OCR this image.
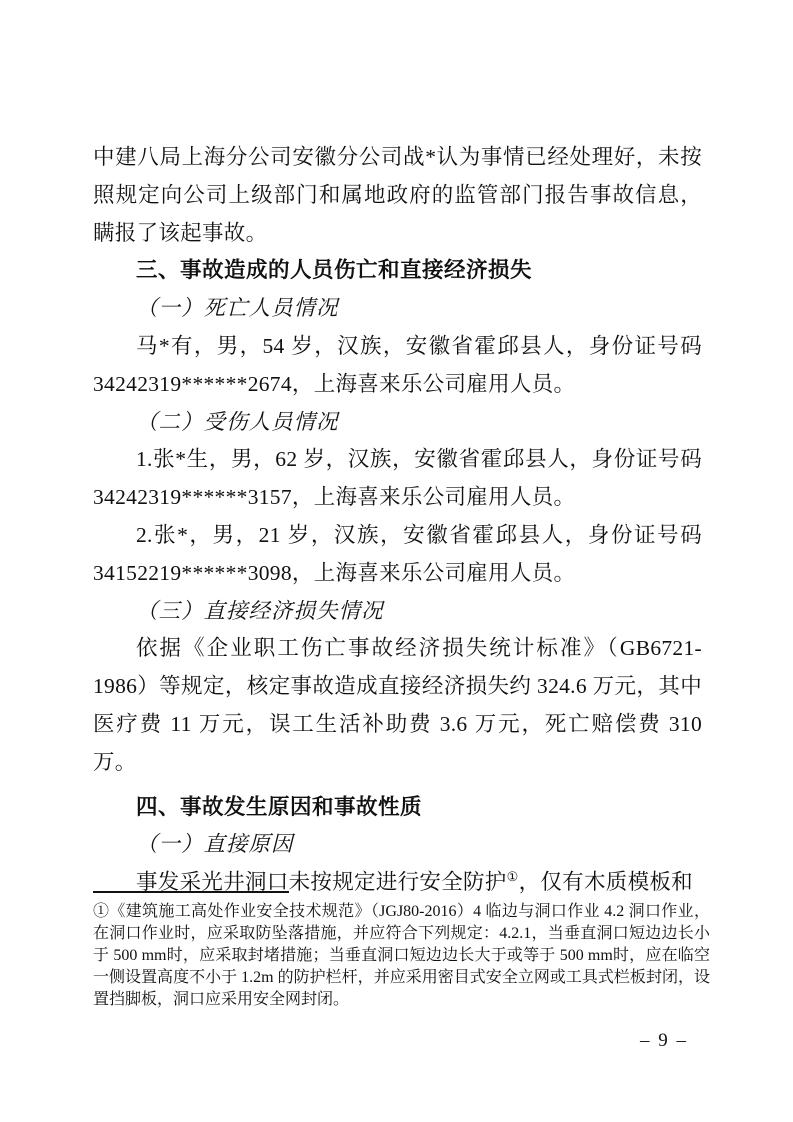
中建八局上海分公司安徽分公司战*认为事情已经处理好，未按照规定向公司上级部门和属地政府的监管部门报告事故信息，瞒报了该起事故。

三、事故造成的人员伤亡和直接经济损失

（一）死亡人员情况

马*有，男，54 岁，汉族，安徽省霍邱县人，身份证号码 34242319******2674，上海喜来乐公司雇用人员。

（二）受伤人员情况

1.张*生，男，62 岁，汉族，安徽省霍邱县人，身份证号码 34242319******3157，上海喜来乐公司雇用人员。

2.张*，男，21 岁，汉族，安徽省霍邱县人，身份证号码 34152219******3098，上海喜来乐公司雇用人员。

（三）直接经济损失情况

依据《企业职工伤亡事故经济损失统计标准》（GB6721-1986）等规定，核定事故造成直接经济损失约 324.6 万元，其中医疗费 11 万元，误工生活补助费 3.6 万元，死亡赔偿费 310 万。

四、事故发生原因和事故性质

（一）直接原因

事发采光井洞口未按规定进行安全防护①，仅有木质模板和

①《建筑施工高处作业安全技术规范》（JGJ80-2016）4 临边与洞口作业 4.2 洞口作业，在洞口作业时，应采取防坠落措施，并应符合下列规定：4.2.1，当垂直洞口短边边长小于 500 mm时，应采取封堵措施；当垂直洞口短边边长大于或等于 500 mm时，应在临空一侧设置高度不小于 1.2m 的防护栏杆，并应采用密目式安全立网或工具式栏板封闭，设置挡脚板，洞口应采用安全网封闭。

– 9 –
